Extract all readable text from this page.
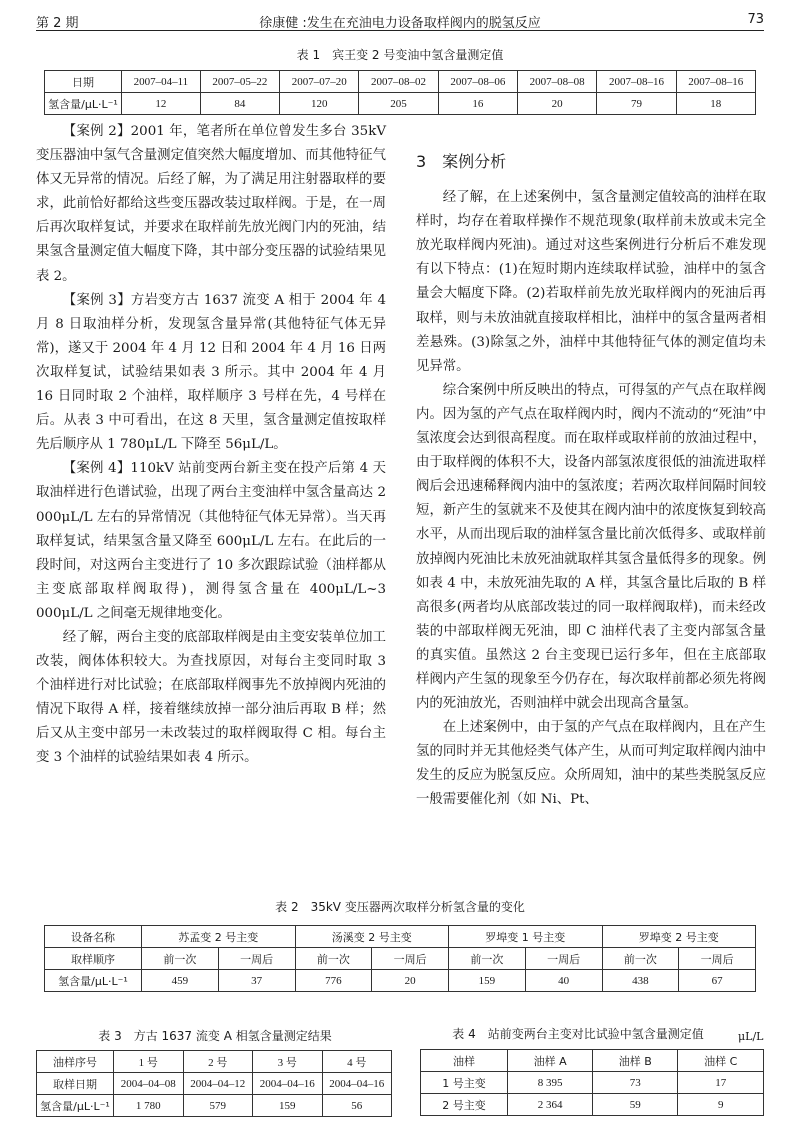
第 2 期	徐康健 :发生在充油电力设备取样阀内的脱氢反应	73
表 1　宾王变 2 号变油中氢含量测定值
日期	2007–04–11	2007–05–22	2007–07–20	2007–08–02	2007–08–06	2007–08–08	2007–08–16	2007–08–16
氢含量/μL·L⁻¹	12	84	120	205	16	20	79	18

【案例 2】2001 年，笔者所在单位曾发生多台 35kV 变压器油中氢气含量测定值突然大幅度增加、而其他特征气体又无异常的情况。后经了解，为了满足用注射器取样的要求，此前恰好都给这些变压器改装过取样阀。于是，在一周后再次取样复试，并要求在取样前先放光阀门内的死油，结果氢含量测定值大幅度下降，其中部分变压器的试验结果见表 2。

【案例 3】方岩变方古 1637 流变 A 相于 2004 年 4 月 8 日取油样分析，发现氢含量异常(其他特征气体无异常)，遂又于 2004 年 4 月 12 日和 2004 年 4 月 16 日两次取样复试，试验结果如表 3 所示。其中 2004 年 4 月 16 日同时取 2 个油样，取样顺序 3 号样在先，4 号样在后。从表 3 中可看出，在这 8 天里，氢含量测定值按取样先后顺序从 1 780μL/L 下降至 56μL/L。

【案例 4】110kV 站前变两台新主变在投产后第 4 天取油样进行色谱试验，出现了两台主变油样中氢含量高达 2 000μL/L 左右的异常情况（其他特征气体无异常）。当天再取样复试，结果氢含量又降至 600μL/L 左右。在此后的一段时间，对这两台主变进行了 10 多次跟踪试验（油样都从主变底部取样阀取得)，测得氢含量在 400μL/L~3 000μL/L 之间毫无规律地变化。

经了解，两台主变的底部取样阀是由主变安装单位加工改装，阀体体积较大。为查找原因，对每台主变同时取 3 个油样进行对比试验；在底部取样阀事先不放掉阀内死油的情况下取得 A 样，接着继续放掉一部分油后再取 B 样；然后又从主变中部另一未改装过的取样阀取得 C 相。每台主变 3 个油样的试验结果如表 4 所示。

3　案例分析

经了解，在上述案例中，氢含量测定值较高的油样在取样时，均存在着取样操作不规范现象(取样前未放或未完全放光取样阀内死油)。通过对这些案例进行分析后不难发现有以下特点：(1)在短时期内连续取样试验，油样中的氢含量会大幅度下降。(2)若取样前先放光取样阀内的死油后再取样，则与未放油就直接取样相比，油样中的氢含量两者相差悬殊。(3)除氢之外，油样中其他特征气体的测定值均未见异常。

综合案例中所反映出的特点，可得氢的产气点在取样阀内。因为氢的产气点在取样阀内时，阀内不流动的“死油”中氢浓度会达到很高程度。而在取样或取样前的放油过程中，由于取样阀的体积不大，设备内部氢浓度很低的油流进取样阀后会迅速稀释阀内油中的氢浓度；若两次取样间隔时间较短，新产生的氢就来不及使其在阀内油中的浓度恢复到较高水平，从而出现后取的油样氢含量比前次低得多、或取样前放掉阀内死油比未放死油就取样其氢含量低得多的现象。例如表 4 中，未放死油先取的 A 样，其氢含量比后取的 B 样高很多(两者均从底部改装过的同一取样阀取样)，而未经改装的中部取样阀无死油，即 C 油样代表了主变内部氢含量的真实值。虽然这 2 台主变现已运行多年，但在主底部取样阀内产生氢的现象至今仍存在，每次取样前都必须先将阀内的死油放光，否则油样中就会出现高含量氢。

在上述案例中，由于氢的产气点在取样阀内，且在产生氢的同时并无其他烃类气体产生，从而可判定取样阀内油中发生的反应为脱氢反应。众所周知，油中的某些类脱氢反应一般需要催化剂（如 Ni、Pt、

表 2　35kV 变压器两次取样分析氢含量的变化
设备名称	苏孟变 2 号主变		汤溪变 2 号主变		罗埠变 1 号主变		罗埠变 2 号主变	
取样顺序	前一次	一周后	前一次	一周后	前一次	一周后	前一次	一周后
氢含量/μL·L⁻¹	459	37	776	20	159	40	438	67
表 3　方古 1637 流变 A 相氢含量测定结果
油样序号	1 号	2 号	3 号	4 号
取样日期	2004–04–08	2004–04–12	2004–04–16	2004–04–16
氢含量/μL·L⁻¹	1 780	579	159	56
表 4　站前变两台主变对比试验中氢含量测定值	μL/L
油样	油样 A	油样 B	油样 C
1 号主变	8 395	73	17
2 号主变	2 364	59	9
